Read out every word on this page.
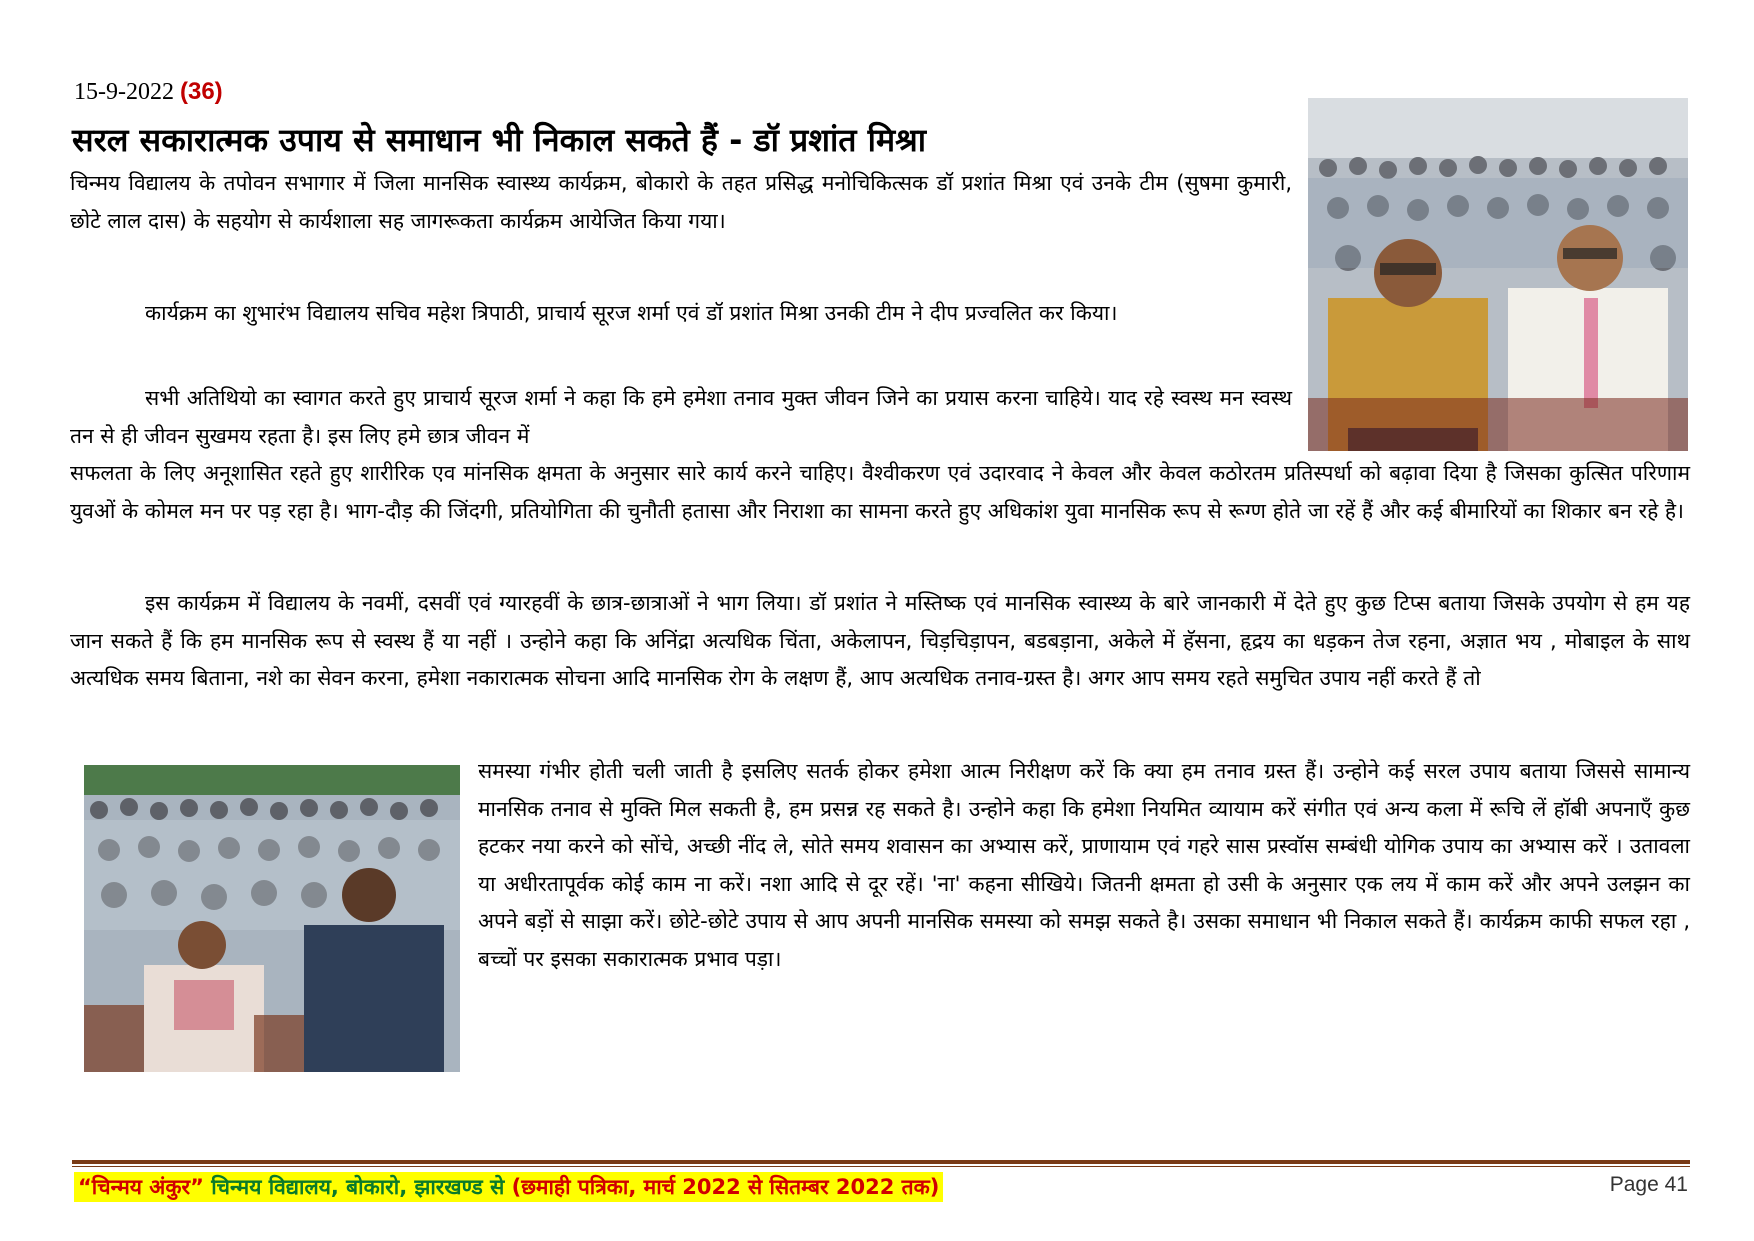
15-9-2022 (36)
सरल सकारात्मक उपाय से समाधान भी निकाल सकते हैं - डॉ प्रशांत मिश्रा

चिन्मय विद्यालय के तपोवन सभागार में जिला मानसिक स्वास्थ्य कार्यक्रम, बोकारो के तहत प्रसिद्ध मनोचिकित्सक डॉ प्रशांत मिश्रा एवं उनके टीम (सुषमा कुमारी, छोटे लाल दास) के सहयोग से कार्यशाला सह जागरूकता कार्यक्रम आयेजित किया गया।

कार्यक्रम का शुभारंभ विद्यालय सचिव महेश त्रिपाठी, प्राचार्य सूरज शर्मा एवं डॉ प्रशांत मिश्रा उनकी टीम ने दीप प्रज्वलित कर किया।

सभी अतिथियो का स्वागत करते हुए प्राचार्य सूरज शर्मा ने कहा कि हमे हमेशा तनाव मुक्त जीवन जिने का प्रयास करना चाहिये। याद रहे स्वस्थ मन स्वस्थ तन से ही जीवन सुखमय रहता है। इस लिए हमे छात्र जीवन में

सफलता के लिए अनूशासित रहते हुए शारीरिक एव मांनसिक क्षमता के अनुसार सारे कार्य करने चाहिए। वैश्वीकरण एवं उदारवाद ने केवल और केवल कठोरतम प्रतिस्पर्धा को बढ़ावा दिया है जिसका कुत्सित परिणाम युवओं के कोमल मन पर पड़ रहा है। भाग-दौड़ की जिंदगी, प्रतियोगिता की चुनौती हतासा और निराशा का सामना करते हुए अधिकांश युवा मानसिक रूप से रूग्ण होते जा रहें हैं और कई बीमारियों का शिकार बन रहे है।

इस कार्यक्रम में विद्यालय के नवमीं, दसवीं एवं ग्यारहवीं के छात्र-छात्राओं ने भाग लिया। डॉ प्रशांत ने मस्तिष्क एवं मानसिक स्वास्थ्य के बारे जानकारी में देते हुए कुछ टिप्स बताया जिसके उपयोग से हम यह जान सकते हैं कि हम मानसिक रूप से स्वस्थ हैं या नहीं । उन्होने कहा कि अनिंद्रा अत्यधिक चिंता, अकेलापन, चिड़चिड़ापन, बडबड़ाना, अकेले में हॅसना, हृद्रय का धड़कन तेज रहना, अज्ञात भय , मोबाइल के साथ अत्यधिक समय बिताना, नशे का सेवन करना, हमेशा नकारात्मक सोचना आदि मानसिक रोग के लक्षण हैं, आप अत्यधिक तनाव-ग्रस्त है। अगर आप समय रहते समुचित उपाय नहीं करते हैं तो

समस्या गंभीर होती चली जाती है इसलिए सतर्क होकर हमेशा आत्म निरीक्षण करें कि क्या हम तनाव ग्रस्त हैं। उन्होने कई सरल उपाय बताया जिससे सामान्य मानसिक तनाव से मुक्ति मिल सकती है, हम प्रसन्न रह सकते है। उन्होने कहा कि हमेशा नियमित व्यायाम करें संगीत एवं अन्य कला में रूचि लें हॉबी अपनाएँ कुछ हटकर नया करने को सोंचे, अच्छी नींद ले, सोते समय शवासन का अभ्यास करें, प्राणायाम एवं गहरे सास प्रस्वॉस सम्बंधी योगिक उपाय का अभ्यास करें । उतावला या अधीरतापूर्वक कोई काम ना करें। नशा आदि से दूर रहें। 'ना' कहना सीखिये। जितनी क्षमता हो उसी के अनुसार एक लय में काम करें और अपने उलझन का अपने बड़ों से साझा करें। छोटे-छोटे उपाय से आप अपनी मानसिक समस्या को समझ सकते है। उसका समाधान भी निकाल सकते हैं। कार्यक्रम काफी सफल रहा , बच्चों पर इसका सकारात्मक प्रभाव पड़ा।

“चिन्मय अंकुर” चिन्मय विद्यालय, बोकारो, झारखण्ड से (छमाही पत्रिका, मार्च 2022 से सितम्बर 2022 तक)	Page 41
